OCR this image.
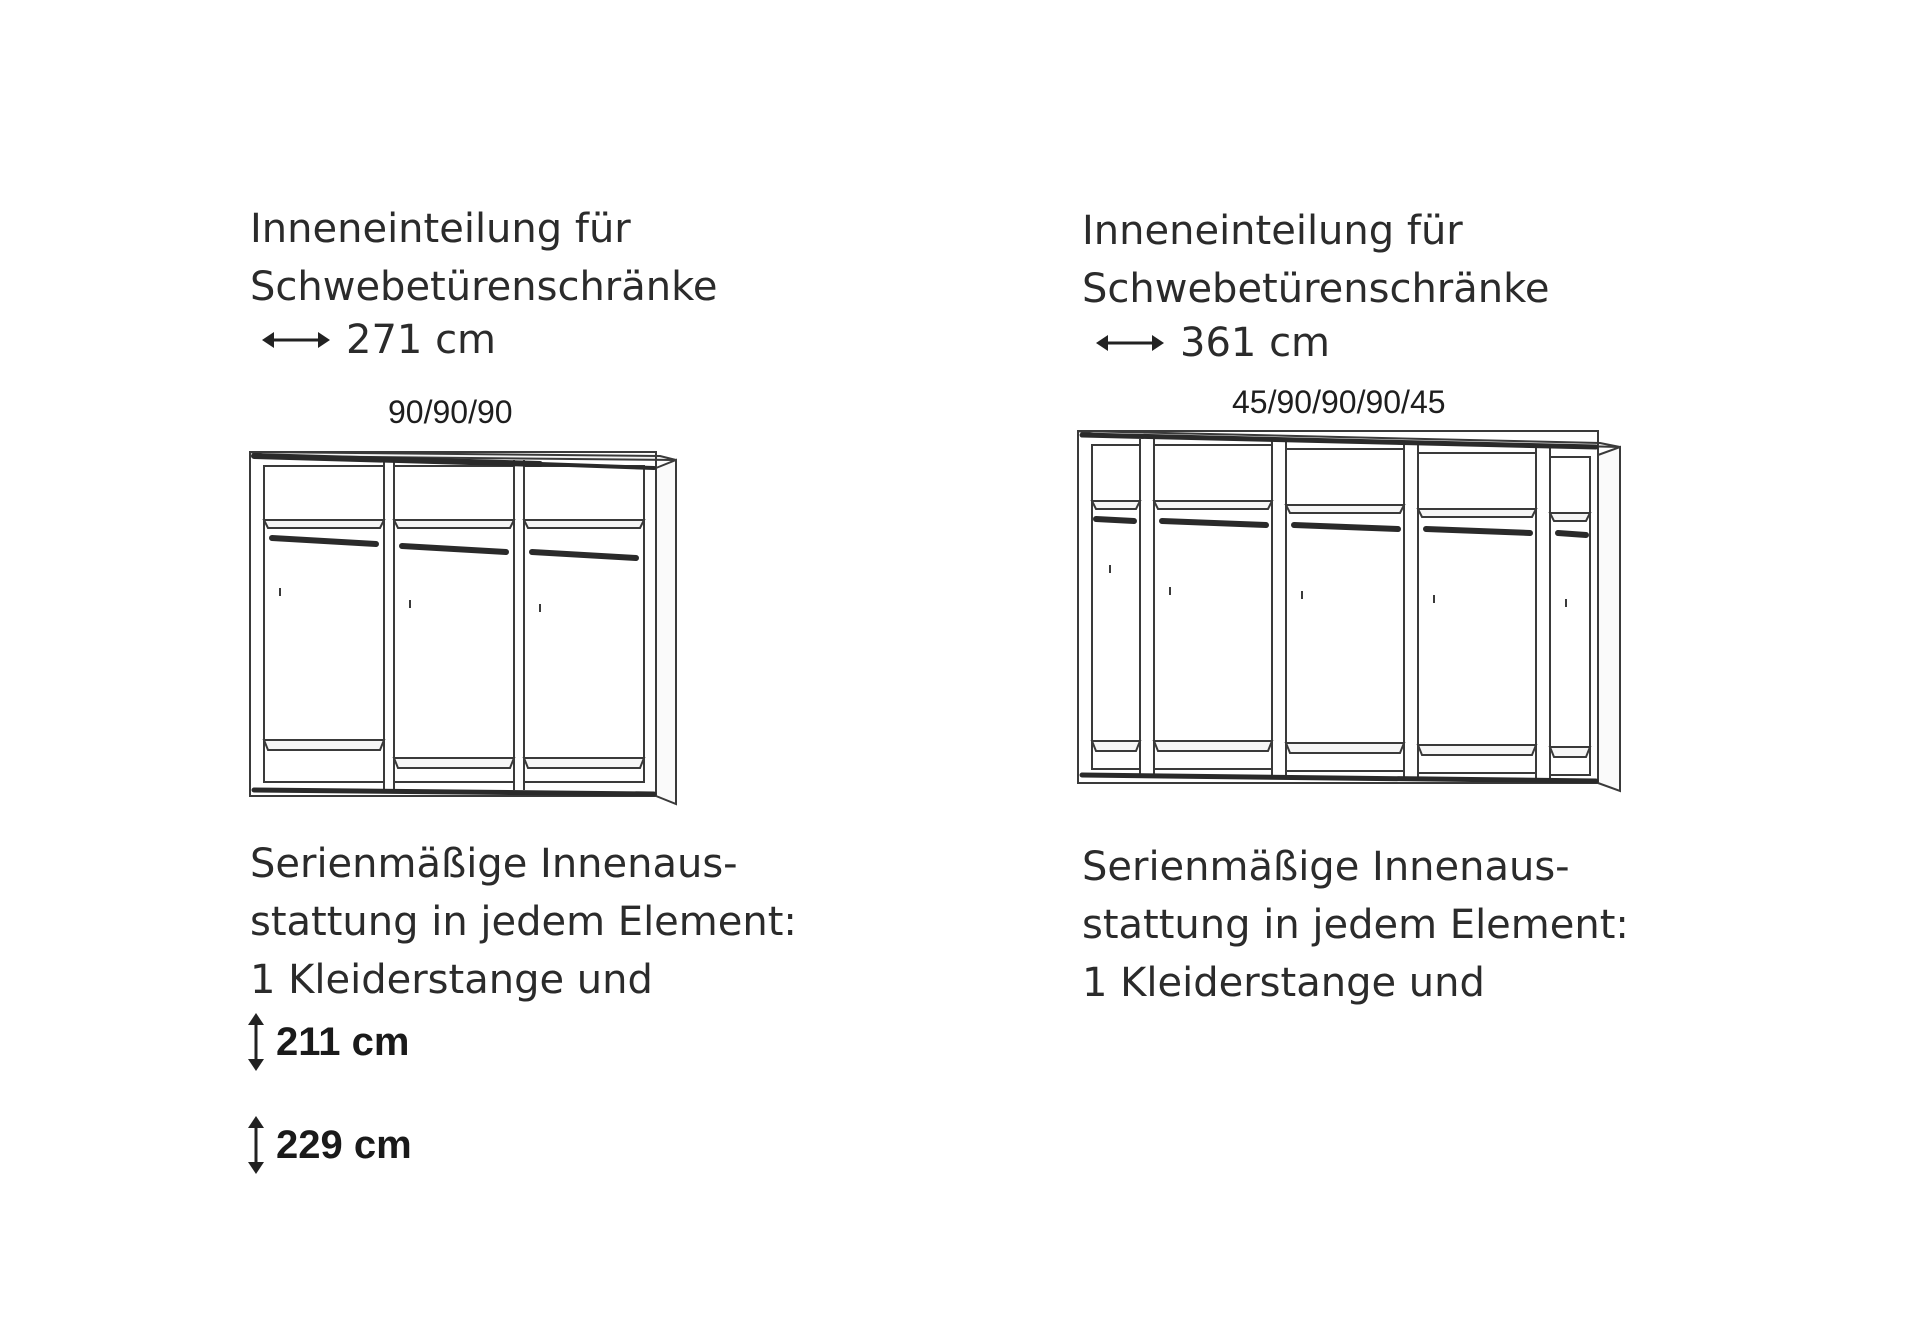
Inneneinteilung für
Schwebetürenschränke
271 cm
90/90/90
Serienmäßige Innenaus-
stattung in jedem Element:
1 Kleiderstange und
211 cm
229 cm
Inneneinteilung für
Schwebetürenschränke
361 cm
45/90/90/90/45
Serienmäßige Innenaus-
stattung in jedem Element:
1 Kleiderstange und
